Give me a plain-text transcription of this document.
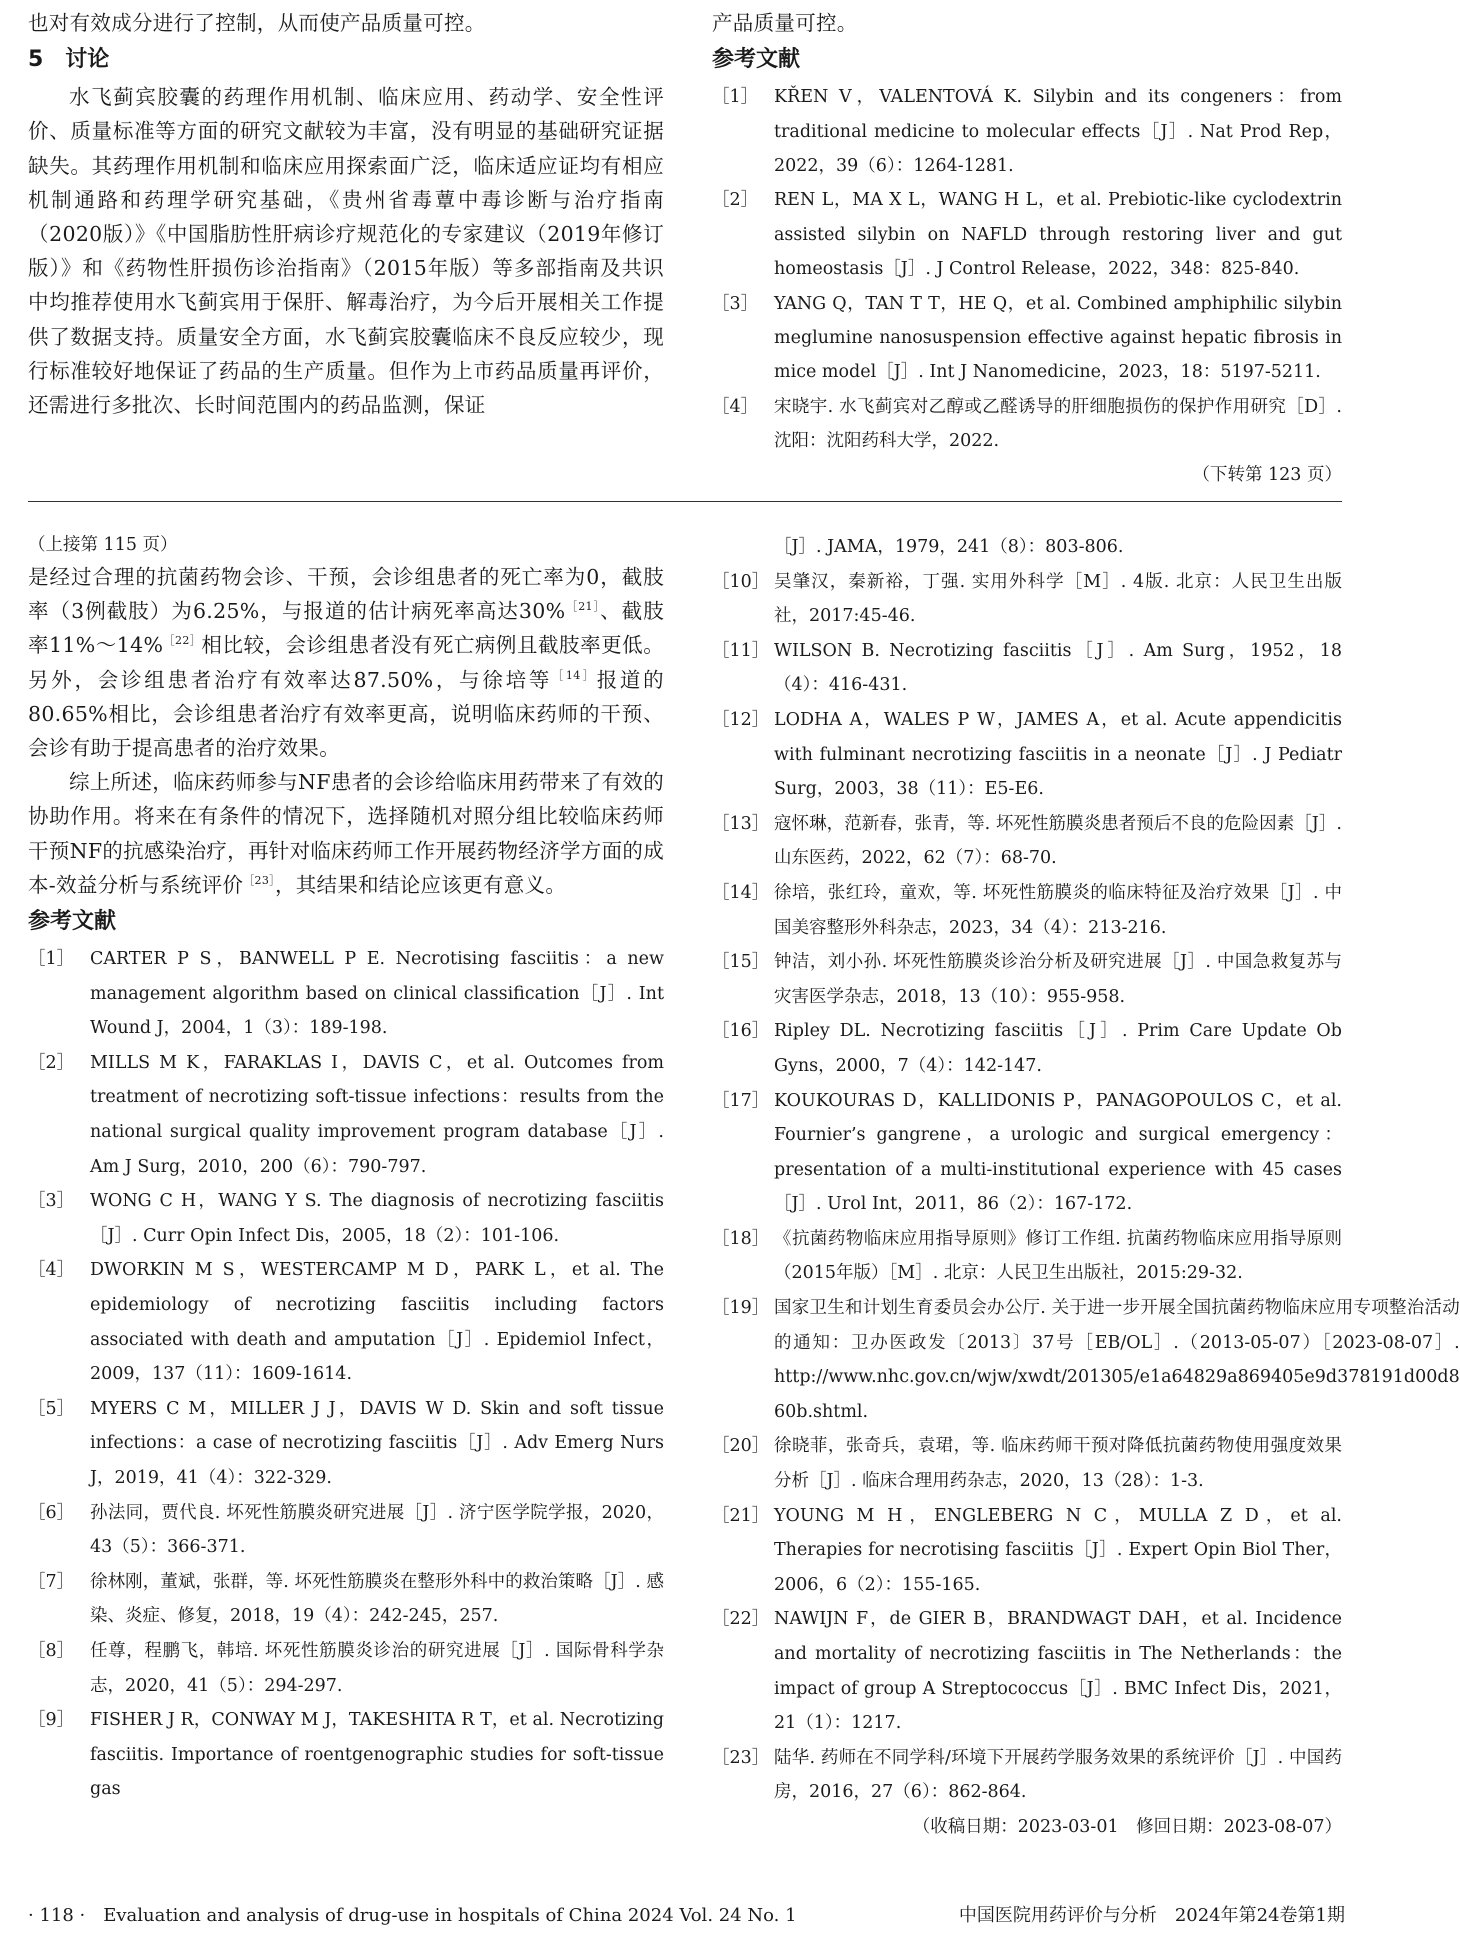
也对有效成分进行了控制，从而使产品质量可控。
5　讨论
水飞蓟宾胶囊的药理作用机制、临床应用、药动学、安全性评价、质量标准等方面的研究文献较为丰富，没有明显的基础研究证据缺失。其药理作用机制和临床应用探索面广泛，临床适应证均有相应机制通路和药理学研究基础，《贵州省毒蕈中毒诊断与治疗指南（2020版）》《中国脂肪性肝病诊疗规范化的专家建议（2019年修订版）》和《药物性肝损伤诊治指南》（2015年版）等多部指南及共识中均推荐使用水飞蓟宾用于保肝、解毒治疗，为今后开展相关工作提供了数据支持。质量安全方面，水飞蓟宾胶囊临床不良反应较少，现行标准较好地保证了药品的生产质量。但作为上市药品质量再评价，还需进行多批次、长时间范围内的药品监测，保证
产品质量可控。
参考文献
［1］ KŘEN V，VALENTOVÁ K. Silybin and its congeners：from traditional medicine to molecular effects［J］. Nat Prod Rep，2022，39（6）：1264-1281.
［2］ REN L，MA X L，WANG H L，et al. Prebiotic-like cyclodextrin assisted silybin on NAFLD through restoring liver and gut homeostasis［J］. J Control Release，2022，348：825-840.
［3］ YANG Q，TAN T T，HE Q，et al. Combined amphiphilic silybin meglumine nanosuspension effective against hepatic fibrosis in mice model［J］. Int J Nanomedicine，2023，18：5197-5211.
［4］ 宋晓宇. 水飞蓟宾对乙醇或乙醛诱导的肝细胞损伤的保护作用研究［D］. 沈阳：沈阳药科大学，2022.
（下转第 123 页）
（上接第 115 页）
是经过合理的抗菌药物会诊、干预，会诊组患者的死亡率为0，截肢率（3例截肢）为6.25%，与报道的估计病死率高达30%$^{[21]}$、截肢率11%～14%$^{[22]}$相比较，会诊组患者没有死亡病例且截肢率更低。另外，会诊组患者治疗有效率达87.50%，与徐培等$^{[14]}$报道的80.65%相比，会诊组患者治疗有效率更高，说明临床药师的干预、会诊有助于提高患者的治疗效果。
综上所述，临床药师参与NF患者的会诊给临床用药带来了有效的协助作用。将来在有条件的情况下，选择随机对照分组比较临床药师干预NF的抗感染治疗，再针对临床药师工作开展药物经济学方面的成本-效益分析与系统评价$^{[23]}$，其结果和结论应该更有意义。
参考文献
［1］ CARTER P S，BANWELL P E. Necrotising fasciitis：a new management algorithm based on clinical classification［J］. Int Wound J，2004，1（3）：189-198.
［2］ MILLS M K，FARAKLAS I，DAVIS C，et al. Outcomes from treatment of necrotizing soft-tissue infections：results from the national surgical quality improvement program database［J］. Am J Surg，2010，200（6）：790-797.
［3］ WONG C H，WANG Y S. The diagnosis of necrotizing fasciitis［J］. Curr Opin Infect Dis，2005，18（2）：101-106.
［4］ DWORKIN M S，WESTERCAMP M D，PARK L，et al. The epidemiology of necrotizing fasciitis including factors associated with death and amputation［J］. Epidemiol Infect，2009，137（11）：1609-1614.
［5］ MYERS C M，MILLER J J，DAVIS W D. Skin and soft tissue infections：a case of necrotizing fasciitis［J］. Adv Emerg Nurs J，2019，41（4）：322-329.
［6］ 孙法同，贾代良. 坏死性筋膜炎研究进展［J］. 济宁医学院学报，2020，43（5）：366-371.
［7］ 徐林刚，董斌，张群，等. 坏死性筋膜炎在整形外科中的救治策略［J］. 感染、炎症、修复，2018，19（4）：242-245，257.
［8］ 任尊，程鹏飞，韩培. 坏死性筋膜炎诊治的研究进展［J］. 国际骨科学杂志，2020，41（5）：294-297.
［9］ FISHER J R，CONWAY M J，TAKESHITA R T，et al. Necrotizing fasciitis. Importance of roentgenographic studies for soft-tissue gas
［J］. JAMA，1979，241（8）：803-806.
［10］ 吴肇汉，秦新裕，丁强. 实用外科学［M］. 4版. 北京：人民卫生出版社，2017:45-46.
［11］ WILSON B. Necrotizing fasciitis［J］. Am Surg，1952，18（4）：416-431.
［12］ LODHA A，WALES P W，JAMES A，et al. Acute appendicitis with fulminant necrotizing fasciitis in a neonate［J］. J Pediatr Surg，2003，38（11）：E5-E6.
［13］ 寇怀琳，范新春，张青，等. 坏死性筋膜炎患者预后不良的危险因素［J］. 山东医药，2022，62（7）：68-70.
［14］ 徐培，张红玲，童欢，等. 坏死性筋膜炎的临床特征及治疗效果［J］. 中国美容整形外科杂志，2023，34（4）：213-216.
［15］ 钟洁，刘小孙. 坏死性筋膜炎诊治分析及研究进展［J］. 中国急救复苏与灾害医学杂志，2018，13（10）：955-958.
［16］ Ripley DL. Necrotizing fasciitis［J］. Prim Care Update Ob Gyns，2000，7（4）：142-147.
［17］ KOUKOURAS D，KALLIDONIS P，PANAGOPOULOS C，et al. Fournier’s gangrene，a urologic and surgical emergency：presentation of a multi-institutional experience with 45 cases［J］. Urol Int，2011，86（2）：167-172.
［18］ 《抗菌药物临床应用指导原则》修订工作组. 抗菌药物临床应用指导原则（2015年版）［M］. 北京：人民卫生出版社，2015:29-32.
［19］ 国家卫生和计划生育委员会办公厅. 关于进一步开展全国抗菌药物临床应用专项整治活动的通知：卫办医政发〔2013〕37号［EB/OL］.（2013-05-07）［2023-08-07］. http://www.nhc.gov.cn/wjw/xwdt/201305/e1a64829a869405e9d378191d00d8 60b.shtml.
［20］ 徐晓菲，张奇兵，袁珺，等. 临床药师干预对降低抗菌药物使用强度效果分析［J］. 临床合理用药杂志，2020，13（28）：1-3.
［21］ YOUNG M H，ENGLEBERG N C，MULLA Z D，et al. Therapies for necrotising fasciitis［J］. Expert Opin Biol Ther，2006，6（2）：155-165.
［22］ NAWIJN F，de GIER B，BRANDWAGT DAH，et al. Incidence and mortality of necrotizing fasciitis in The Netherlands：the impact of group A Streptococcus［J］. BMC Infect Dis，2021，21（1）：1217.
［23］ 陆华. 药师在不同学科/环境下开展药学服务效果的系统评价［J］. 中国药房，2016，27（6）：862-864.
（收稿日期：2023-03-01　修回日期：2023-08-07）
· 118 ·　Evaluation and analysis of drug-use in hospitals of China 2024 Vol. 24 No. 1	中国医院用药评价与分析　2024年第24卷第1期
